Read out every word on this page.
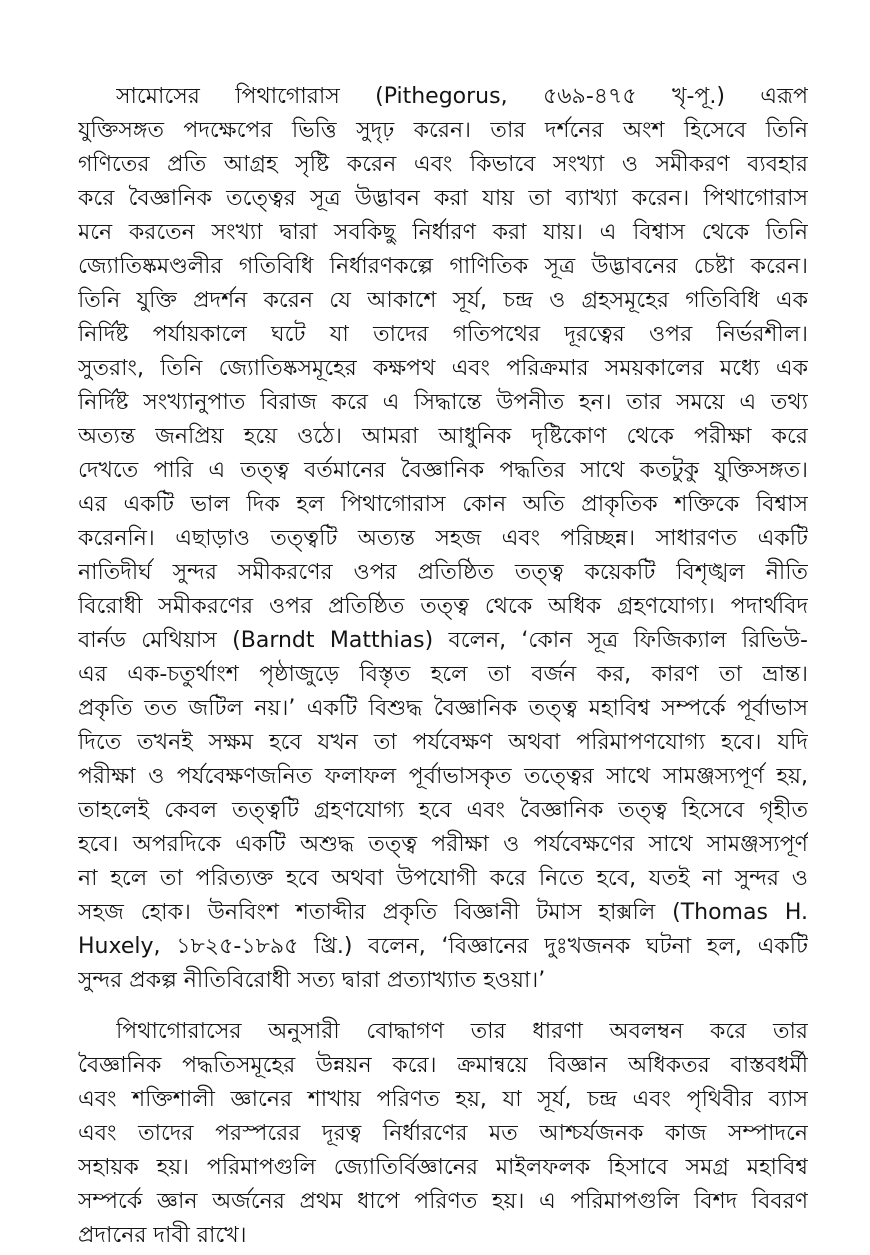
সামোসের পিথাগোরাস (Pithegorus, ৫৬৯-৪৭৫ খৃ-পূ.) এরূপ
যুক্তিসঙ্গত পদক্ষেপের ভিত্তি সুদৃঢ় করেন। তার দর্শনের অংশ হিসেবে তিনি
গণিতের প্রতি আগ্রহ সৃষ্টি করেন এবং কিভাবে সংখ্যা ও সমীকরণ ব্যবহার
করে বৈজ্ঞানিক তত্ত্বের সূত্র উদ্ভাবন করা যায় তা ব্যাখ্যা করেন। পিথাগোরাস
মনে করতেন সংখ্যা দ্বারা সবকিছু নির্ধারণ করা যায়। এ বিশ্বাস থেকে তিনি
জ্যোতিষ্কমণ্ডলীর গতিবিধি নির্ধারণকল্পে গাণিতিক সূত্র উদ্ভাবনের চেষ্টা করেন।
তিনি যুক্তি প্রদর্শন করেন যে আকাশে সূর্য, চন্দ্র ও গ্রহসমূহের গতিবিধি এক
নির্দিষ্ট পর্যায়কালে ঘটে যা তাদের গতিপথের দূরত্বের ওপর নির্ভরশীল।
সুতরাং, তিনি জ্যোতিষ্কসমূহের কক্ষপথ এবং পরিক্রমার সময়কালের মধ্যে এক
নির্দিষ্ট সংখ্যানুপাত বিরাজ করে এ সিদ্ধান্তে উপনীত হন। তার সময়ে এ তথ্য
অত্যন্ত জনপ্রিয় হয়ে ওঠে। আমরা আধুনিক দৃষ্টিকোণ থেকে পরীক্ষা করে
দেখতে পারি এ তত্ত্ব বর্তমানের বৈজ্ঞানিক পদ্ধতির সাথে কতটুকু যুক্তিসঙ্গত।
এর একটি ভাল দিক হল পিথাগোরাস কোন অতি প্রাকৃতিক শক্তিকে বিশ্বাস
করেননি। এছাড়াও তত্ত্বটি অত্যন্ত সহজ এবং পরিচ্ছন্ন। সাধারণত একটি
নাতিদীর্ঘ সুন্দর সমীকরণের ওপর প্রতিষ্ঠিত তত্ত্ব কয়েকটি বিশৃঙ্খল নীতি
বিরোধী সমীকরণের ওপর প্রতিষ্ঠিত তত্ত্ব থেকে অধিক গ্রহণযোগ্য। পদার্থবিদ
বার্নড মেথিয়াস (Barndt Matthias) বলেন, ‘কোন সূত্র ফিজিক্যাল রিভিউ-
এর এক-চতুর্থাংশ পৃষ্ঠাজুড়ে বিস্তৃত হলে তা বর্জন কর, কারণ তা ভ্রান্ত।
প্রকৃতি তত জটিল নয়।’ একটি বিশুদ্ধ বৈজ্ঞানিক তত্ত্ব মহাবিশ্ব সম্পর্কে পূর্বাভাস
দিতে তখনই সক্ষম হবে যখন তা পর্যবেক্ষণ অথবা পরিমাপণযোগ্য হবে। যদি
পরীক্ষা ও পর্যবেক্ষণজনিত ফলাফল পূর্বাভাসকৃত তত্ত্বের সাথে সামঞ্জস্যপূর্ণ হয়,
তাহলেই কেবল তত্ত্বটি গ্রহণযোগ্য হবে এবং বৈজ্ঞানিক তত্ত্ব হিসেবে গৃহীত
হবে। অপরদিকে একটি অশুদ্ধ তত্ত্ব পরীক্ষা ও পর্যবেক্ষণের সাথে সামঞ্জস্যপূর্ণ
না হলে তা পরিত্যক্ত হবে অথবা উপযোগী করে নিতে হবে, যতই না সুন্দর ও
সহজ হোক। উনবিংশ শতাব্দীর প্রকৃতি বিজ্ঞানী টমাস হাক্সলি (Thomas H.
Huxely, ১৮২৫-১৮৯৫ খ্রি.) বলেন, ‘বিজ্ঞানের দুঃখজনক ঘটনা হল, একটি
সুন্দর প্রকল্প নীতিবিরোধী সত্য দ্বারা প্রত্যাখ্যাত হওয়া।’
পিথাগোরাসের অনুসারী বোদ্ধাগণ তার ধারণা অবলম্বন করে তার
বৈজ্ঞানিক পদ্ধতিসমূহের উন্নয়ন করে। ক্রমান্বয়ে বিজ্ঞান অধিকতর বাস্তবধর্মী
এবং শক্তিশালী জ্ঞানের শাখায় পরিণত হয়, যা সূর্য, চন্দ্র এবং পৃথিবীর ব্যাস
এবং তাদের পরস্পরের দূরত্ব নির্ধারণের মত আশ্চর্যজনক কাজ সম্পাদনে
সহায়ক হয়। পরিমাপগুলি জ্যোতির্বিজ্ঞানের মাইলফলক হিসাবে সমগ্র মহাবিশ্ব
সম্পর্কে জ্ঞান অর্জনের প্রথম ধাপে পরিণত হয়। এ পরিমাপগুলি বিশদ বিবরণ
প্রদানের দাবী রাখে।
